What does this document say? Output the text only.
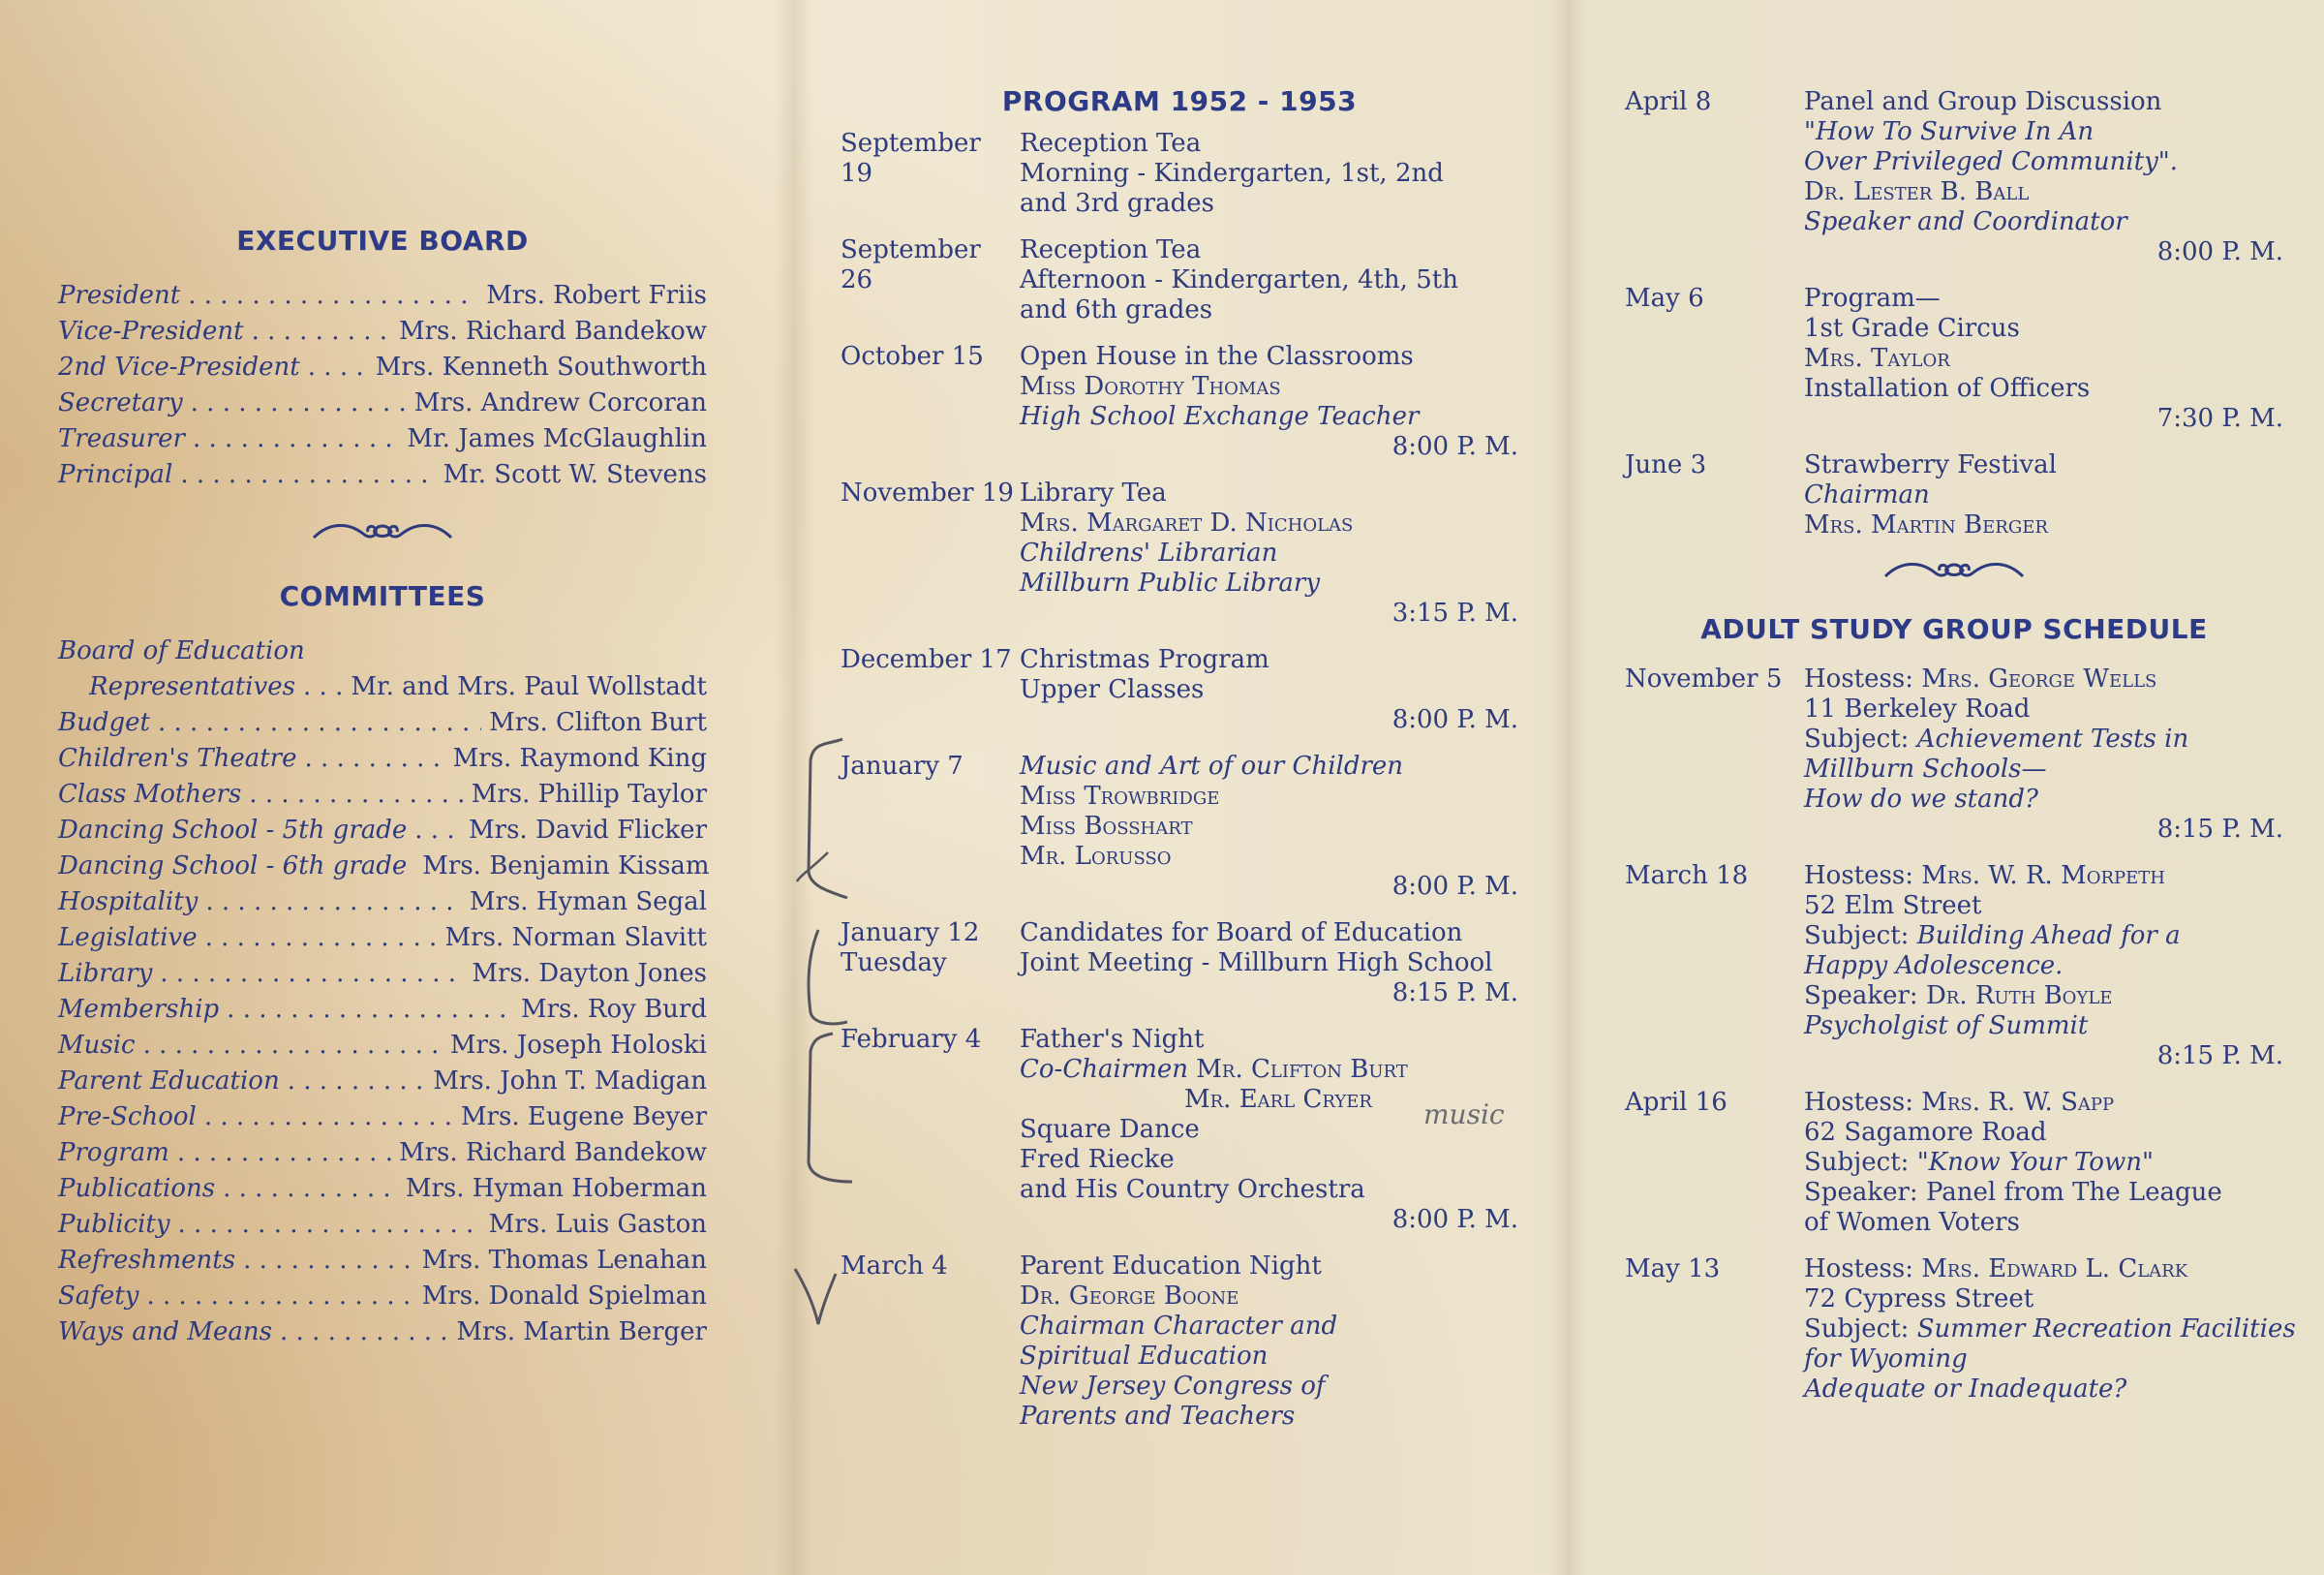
EXECUTIVE BOARD
President . . .	Mrs. Robert Friis
Vice-President . . .	Mrs. Richard Bandekow
2nd Vice-President . . .	Mrs. Kenneth Southworth
Secretary . . .	Mrs. Andrew Corcoran
Treasurer . . .	Mr. James McGlaughlin
Principal . . .	Mr. Scott W. Stevens
COMMITTEES
Board of Education
Representatives . . . Mr. and Mrs. Paul Wollstadt
Budget . . .	Mrs. Clifton Burt
Children's Theatre . . .	Mrs. Raymond King
Class Mothers . . .	Mrs. Phillip Taylor
Dancing School - 5th grade . . . Mrs. David Flicker
Dancing School - 6th grade Mrs. Benjamin Kissam
Hospitality . . .	Mrs. Hyman Segal
Legislative . . .	Mrs. Norman Slavitt
Library . . .	Mrs. Dayton Jones
Membership . . .	Mrs. Roy Burd
Music . . .	Mrs. Joseph Holoski
Parent Education . . .	Mrs. John T. Madigan
Pre-School . . .	Mrs. Eugene Beyer
Program . . .	Mrs. Richard Bandekow
Publications . . .	Mrs. Hyman Hoberman
Publicity . . .	Mrs. Luis Gaston
Refreshments . . .	Mrs. Thomas Lenahan
Safety . . .	Mrs. Donald Spielman
Ways and Means . . .	Mrs. Martin Berger
PROGRAM 1952 - 1953
September 19
Reception Tea
Morning - Kindergarten, 1st, 2nd
and 3rd grades
September 26
Reception Tea
Afternoon - Kindergarten, 4th, 5th
and 6th grades
October 15	Open House in the Classrooms
Miss Dorothy Thomas
High School Exchange Teacher
8:00 P. M.
November 19 Library Tea
Mrs. Margaret D. Nicholas
Childrens' Librarian
Millburn Public Library
3:15 P. M.
December 17 Christmas Program
Upper Classes
8:00 P. M.
January 7	Music and Art of our Children
Miss Trowbridge
Miss Bosshart
Mr. Lorusso
8:00 P. M.
January 12
Tuesday
Candidates for Board of Education
Joint Meeting - Millburn High School
8:15 P. M.
February 4	Father's Night
Co-Chairmen Mr. Clifton Burt
Mr. Earl Cryer
Square Dance
Fred Riecke
and His Country Orchestra
8:00 P. M.
March 4	Parent Education Night
Dr. George Boone
Chairman Character and
Spiritual Education
New Jersey Congress of
Parents and Teachers
April 8	Panel and Group Discussion
"How To Survive In An
Over Privileged Community".
Dr. Lester B. Ball
Speaker and Coordinator
8:00 P. M.
May 6	Program—
1st Grade Circus
Mrs. Taylor
Installation of Officers
7:30 P. M.
June 3	Strawberry Festival
Chairman
Mrs. Martin Berger
ADULT STUDY GROUP SCHEDULE
November 5 Hostess: Mrs. George Wells
11 Berkeley Road
Subject: Achievement Tests in
Millburn Schools—
How do we stand?
8:15 P. M.
March 18	Hostess: Mrs. W. R. Morpeth
52 Elm Street
Subject: Building Ahead for a
Happy Adolescence.
Speaker: Dr. Ruth Boyle
Psycholgist of Summit
8:15 P. M.
April 16	Hostess: Mrs. R. W. Sapp
62 Sagamore Road
Subject: "Know Your Town"
Speaker: Panel from The League
of Women Voters
May 13	Hostess: Mrs. Edward L. Clark
72 Cypress Street
Subject: Summer Recreation Facilities
for Wyoming
Adequate or Inadequate?
music
